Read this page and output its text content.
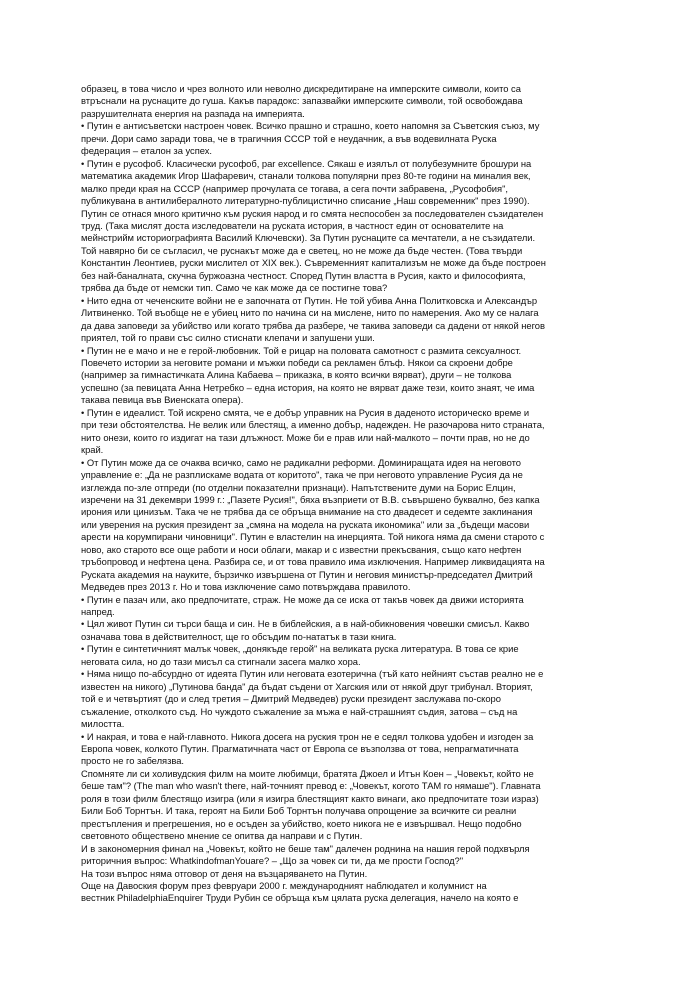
образец, в това число и чрез волното или неволно дискредитиране на имперските символи, които са
втръснали на руснаците до гуша. Какъв парадокс: запазвайки имперските символи, той освобождава
разрушителната енергия на разпада на империята.
• Путин е антисъветски настроен човек. Всичко прашно и страшно, което напомня за Съветския съюз, му
пречи. Дори само заради това, че в трагичния СССР той е неудачник, а във водевилната Руска
федерация – еталон за успех.
• Путин е русофоб. Класически русофоб, par excellence. Сякаш е изялъл от полубезумните брошури на
математика академик Игор Шафаревич, станали толкова популярни през 80-те години на миналия век,
малко преди края на СССР (например прочулата се тогава, а сега почти забравена, „Русофобия",
публикувана в антилибералното литературно-публицистично списание „Наш современник" през 1990).
Путин се отнася много критично към руския народ и го смята неспособен за последователен съзидателен
труд. (Така мислят доста изследователи на руската история, в частност един от основателите на
мейнстрийм историографията Василий Ключевски). За Путин руснаците са мечтатели, а не съзидатели.
Той навярно би се съгласил, че руснакът може да е светец, но не може да бъде честен. (Това твърди
Константин Леонтиев, руски мислител от XIX век.). Съвременният капитализъм не може да бъде построен
без най-баналната, скучна буржоазна честност. Според Путин властта в Русия, както и философията,
трябва да бъде от немски тип. Само че как може да се постигне това?
• Нито една от чеченските войни не е започната от Путин. Не той убива Анна Политковска и Александър
Литвиненко. Той въобще не е убиец нито по начина си на мислене, нито по намерения. Ако му се налага
да дава заповеди за убийство или когато трябва да разбере, че такива заповеди са дадени от някой негов
приятел, той го прави със силно стиснати клепачи и запушени уши.
• Путин не е мачо и не е герой-любовник. Той е рицар на половата самотност с размита сексуалност.
Повечето истории за неговите романи и мъжки победи са рекламен блъф. Някои са скроени добре
(например за гимнастичката Алина Кабаева – приказка, в която всички вярват), други – не толкова
успешно (за певицата Анна Нетребко – една история, на която не вярват даже тези, които знаят, че има
такава певица във Виенската опера).
• Путин е идеалист. Той искрено смята, че е добър управник на Русия в даденото историческо време и
при тези обстоятелства. Не велик или блестящ, а именно добър, надежден. Не разочарова нито страната,
нито онези, които го издигат на тази длъжност. Може би е прав или най-малкото – почти прав, но не до
край.
• От Путин може да се очаква всичко, само не радикални реформи. Доминиращата идея на неговото
управление е: „Да не разплискаме водата от коритото", така че при неговото управление Русия да не
изглежда по-зле отпреди (по отделни показателни признаци). Напътствените думи на Борис Елцин,
изречени на 31 декември 1999 г.: „Пазете Русия!", бяха възприети от В.В. съвършено буквално, без капка
ирония или цинизъм. Така че не трябва да се обръща внимание на сто двадесет и седемте заклинания
или уверения на руския президент за „смяна на модела на руската икономика" или за „бъдещи масови
арести на корумпирани чиновници". Путин е властелин на инерцията. Той никога няма да смени старото с
ново, ако старото все още работи и носи облаги, макар и с известни прекъсвания, също като нефтен
тръбопровод и нефтена цена. Разбира се, и от това правило има изключения. Например ликвидацията на
Руската академия на науките, бързичко извършена от Путин и неговия министър-председател Дмитрий
Медведев през 2013 г. Но и това изключение само потвърждава правилото.
• Путин е пазач или, ако предпочитате, страж. Не може да се иска от такъв човек да движи историята
напред.
• Цял живот Путин си търси баща и син. Не в библейския, а в най-обикновения човешки смисъл. Какво
означава това в действителност, ще го обсъдим по-нататък в тази книга.
• Путин е синтетичният малък човек, „донякъде герой" на великата руска литература. В това се крие
неговата сила, но до тази мисъл са стигнали засега малко хора.
• Няма нищо по-абсурдно от идеята Путин или неговата езотерична (тъй като нейният състав реално не е
известен на никого) „Путинова банда" да бъдат съдени от Хагския или от някой друг трибунал. Вторият,
той е и четвъртият (до и след третия – Дмитрий Медведев) руски президент заслужава по-скоро
съжаление, отколкото съд. Но чуждото съжаление за мъжа е най-страшният съдия, затова – съд на
милостта.
• И накрая, и това е най-главното. Никога досега на руския трон не е седял толкова удобен и изгоден за
Европа човек, колкото Путин. Прагматичната част от Европа се възползва от това, непрагматичната
просто не го забелязва.
Спомняте ли си холивудския филм на моите любимци, братята Джоел и Итън Коен – „Човекът, който не
беше там"? (The man who wasn't there, най-точният превод е: „Човекът, когото ТАМ го нямаше"). Главната
роля в този филм блестящо изигра (или я изигра блестящият както винаги, ако предпочитате този израз)
Били Боб Торнтън. И така, героят на Били Боб Торнтън получава опрощение за всичките си реални
престъпления и прегрешения, но е осъден за убийство, което никога не е извършвал. Нещо подобно
световното обществено мнение се опитва да направи и с Путин.
И в закономерния финал на „Човекът, който не беше там" далечен роднина на нашия герой подхвърля
риторичния въпрос: WhatkindofmanYouare? – „Що за човек си ти, да ме прости Господ?"
На този въпрос няма отговор от деня на възцаряването на Путин.
Още на Давоския форум през февруари 2000 г. международният наблюдател и колумнист на
вестник PhiladelphiaEnquirer Труди Рубин се обръща към цялата руска делегация, начело на която е
